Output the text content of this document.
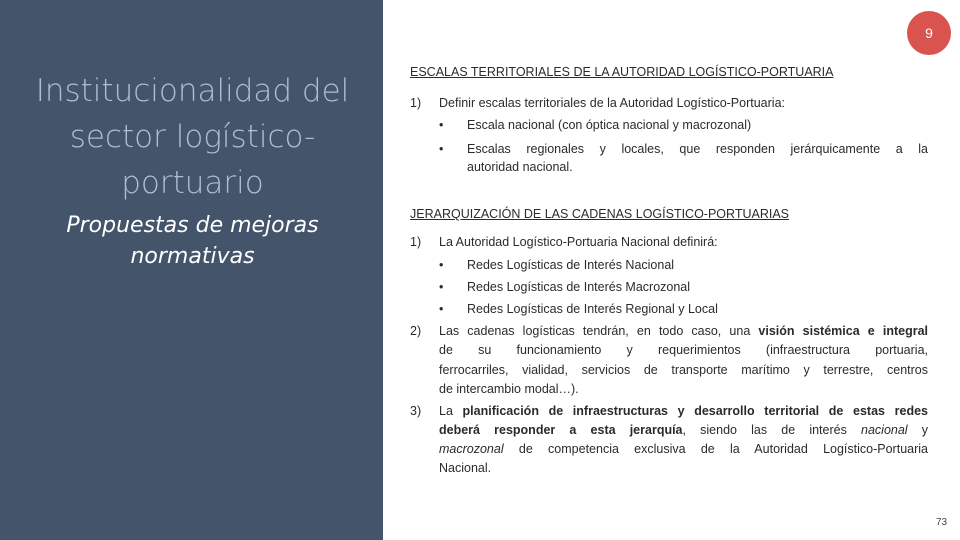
Institucionalidad del
sector logístico-
portuario
Propuestas de mejoras
normativas
9
ESCALAS TERRITORIALES DE LA AUTORIDAD LOGÍSTICO-PORTUARIA
1) Definir escalas territoriales de la Autoridad Logístico-Portuaria:
• Escala nacional (con óptica nacional y macrozonal)
• Escalas regionales y locales, que responden jerárquicamente a la
autoridad nacional.
JERARQUIZACIÓN DE LAS CADENAS LOGÍSTICO-PORTUARIAS
1) La Autoridad Logístico-Portuaria Nacional definirá:
• Redes Logísticas de Interés Nacional
• Redes Logísticas de Interés Macrozonal
• Redes Logísticas de Interés Regional y Local
2) Las cadenas logísticas tendrán, en todo caso, una visión sistémica e integral
de su funcionamiento y requerimientos (infraestructura portuaria,
ferrocarriles, vialidad, servicios de transporte marítimo y terrestre, centros
de intercambio modal…).
3) La planificación de infraestructuras y desarrollo territorial de estas redes
deberá responder a esta jerarquía, siendo las de interés nacional y
macrozonal de competencia exclusiva de la Autoridad Logístico-Portuaria
Nacional.
73
